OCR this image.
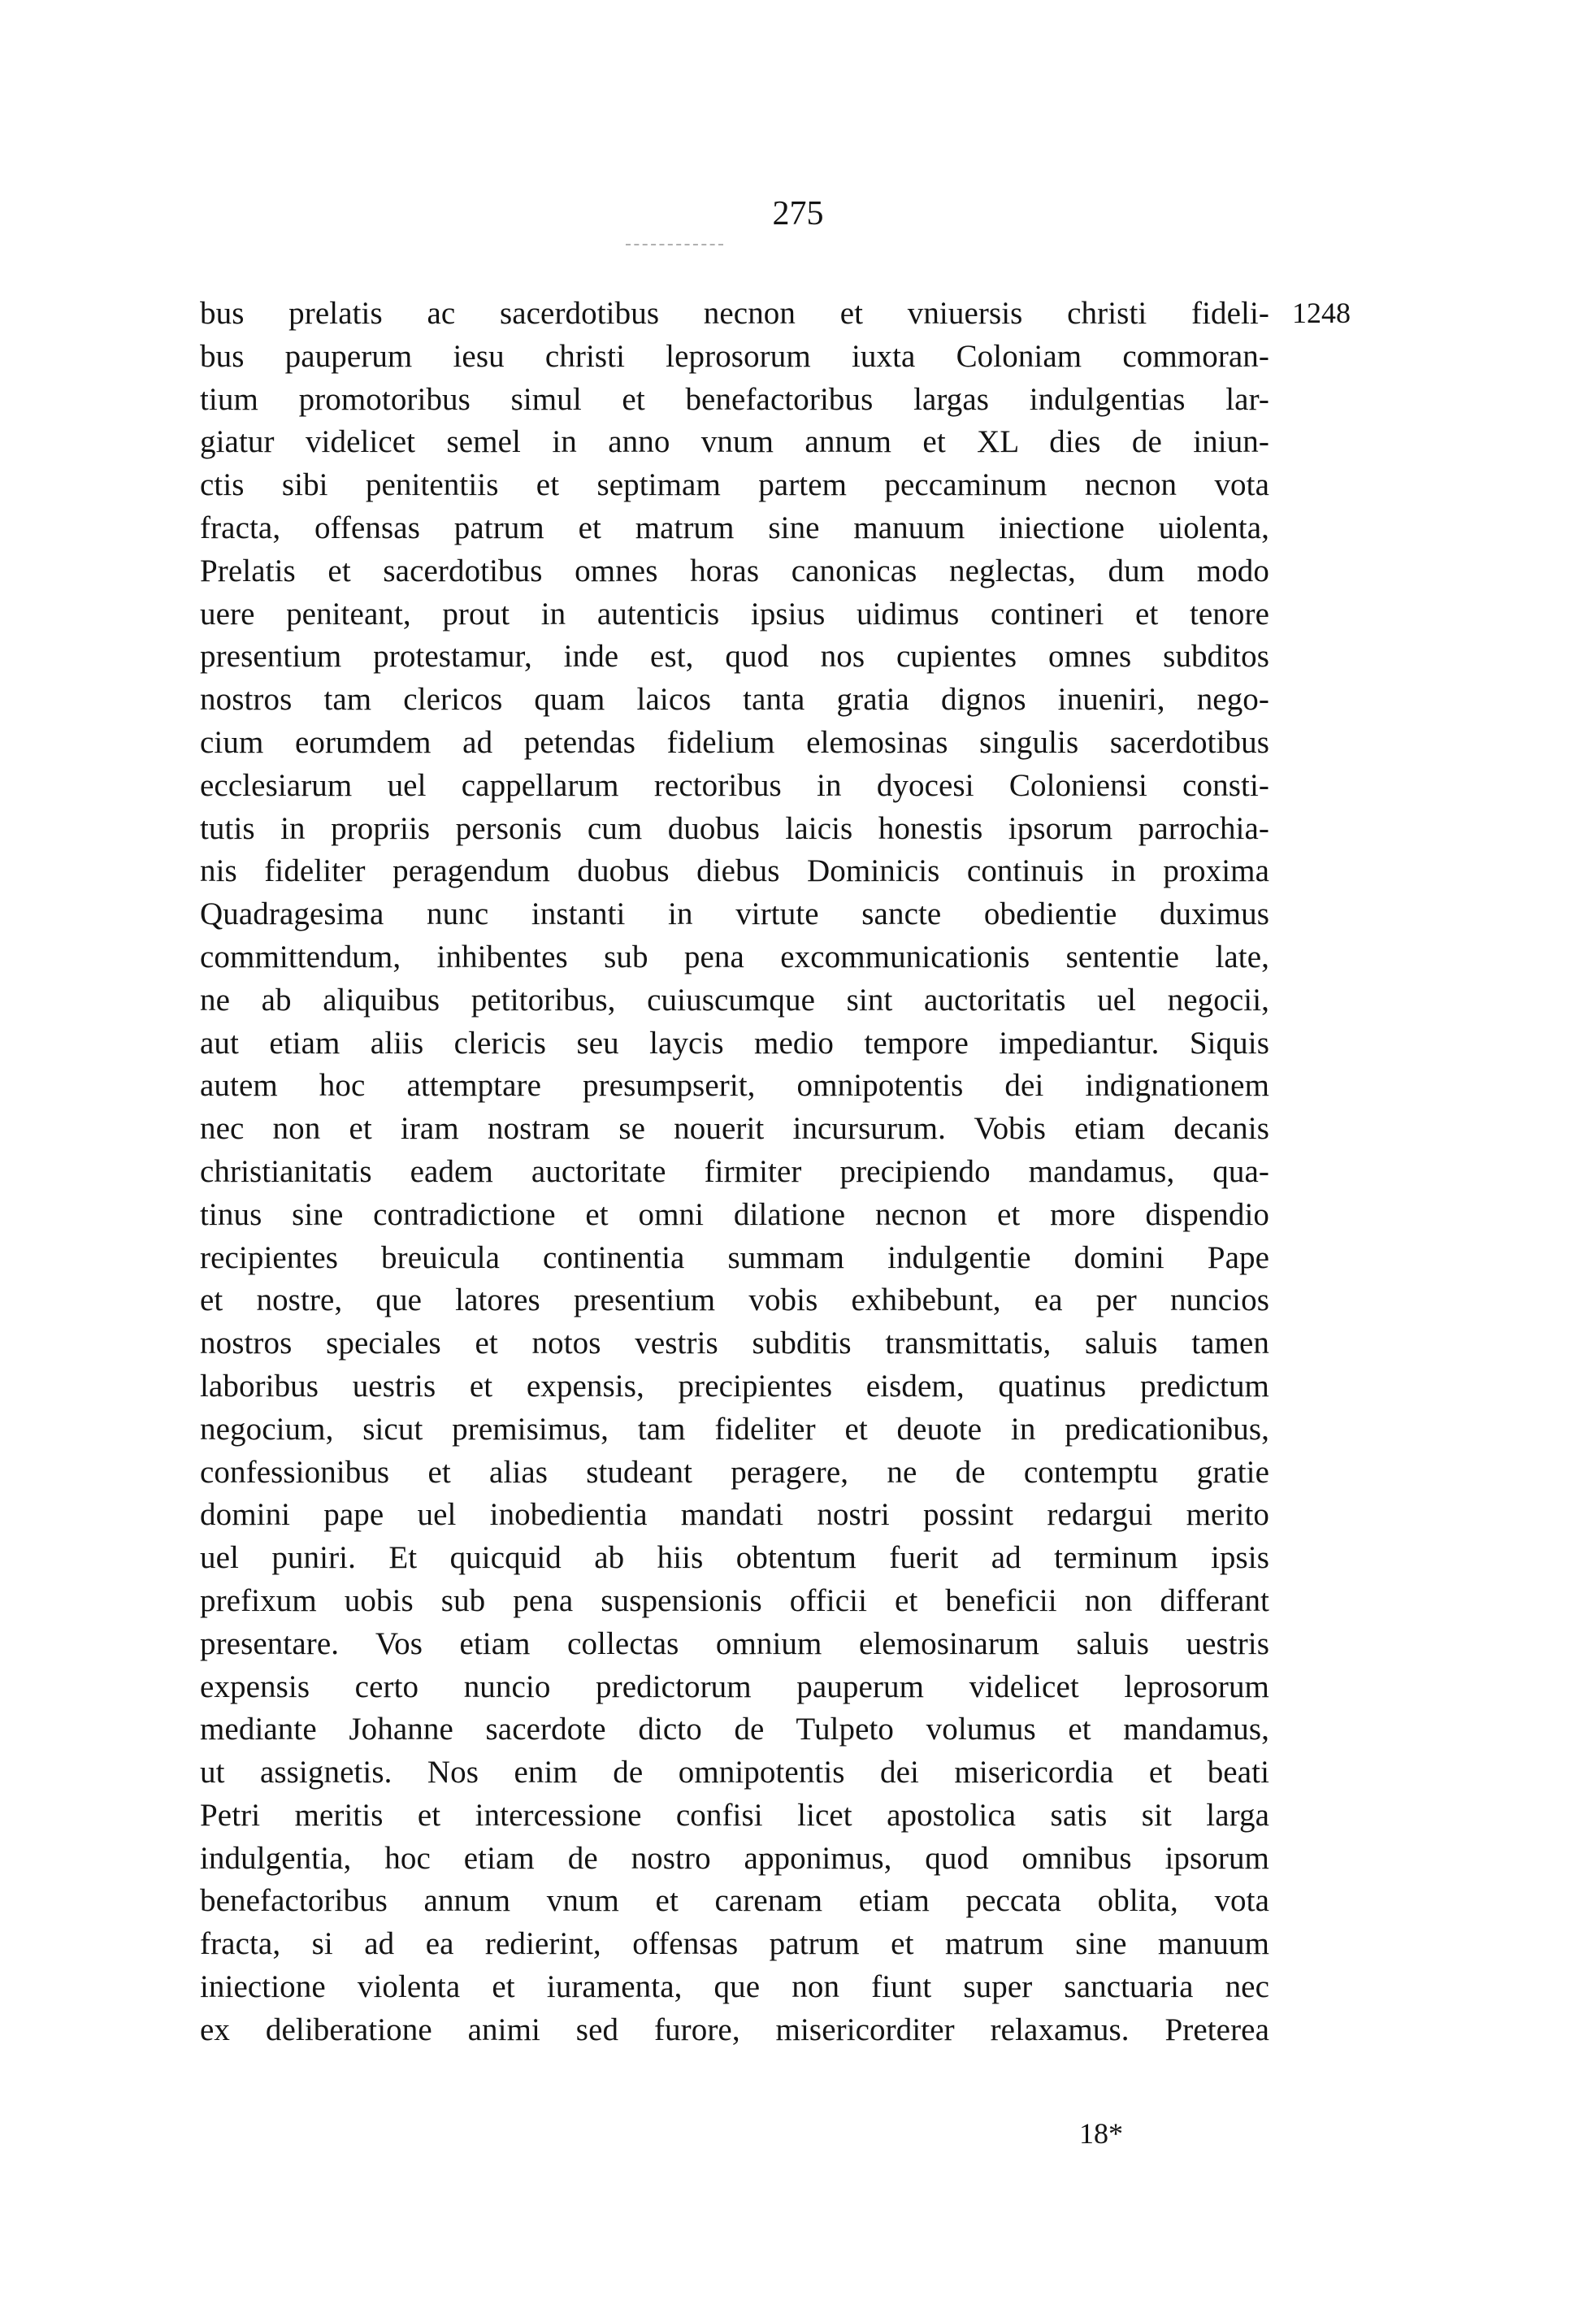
275
1248
bus prelatis ac sacerdotibus necnon et vniuersis christi fideli-
bus pauperum iesu christi leprosorum iuxta Coloniam commoran-
tium promotoribus simul et benefactoribus largas indulgentias lar-
giatur videlicet semel in anno vnum annum et XL dies de iniun-
ctis sibi penitentiis et septimam partem peccaminum necnon vota
fracta, offensas patrum et matrum sine manuum iniectione uiolenta,
Prelatis et sacerdotibus omnes horas canonicas neglectas, dum modo
uere peniteant, prout in autenticis ipsius uidimus contineri et tenore
presentium protestamur, inde est, quod nos cupientes omnes subditos
nostros tam clericos quam laicos tanta gratia dignos inueniri, nego-
cium eorumdem ad petendas fidelium elemosinas singulis sacerdotibus
ecclesiarum uel cappellarum rectoribus in dyocesi Coloniensi consti-
tutis in propriis personis cum duobus laicis honestis ipsorum parrochia-
nis fideliter peragendum duobus diebus Dominicis continuis in proxima
Quadragesima nunc instanti in virtute sancte obedientie duximus
committendum, inhibentes sub pena excommunicationis sententie late,
ne ab aliquibus petitoribus, cuiuscumque sint auctoritatis uel negocii,
aut etiam aliis clericis seu laycis medio tempore impediantur. Siquis
autem hoc attemptare presumpserit, omnipotentis dei indignationem
nec non et iram nostram se nouerit incursurum. Vobis etiam decanis
christianitatis eadem auctoritate firmiter precipiendo mandamus, qua-
tinus sine contradictione et omni dilatione necnon et more dispendio
recipientes breuicula continentia summam indulgentie domini Pape
et nostre, que latores presentium vobis exhibebunt, ea per nuncios
nostros speciales et notos vestris subditis transmittatis, saluis tamen
laboribus uestris et expensis, precipientes eisdem, quatinus predictum
negocium, sicut premisimus, tam fideliter et deuote in predicationibus,
confessionibus et alias studeant peragere, ne de contemptu gratie
domini pape uel inobedientia mandati nostri possint redargui merito
uel puniri. Et quicquid ab hiis obtentum fuerit ad terminum ipsis
prefixum uobis sub pena suspensionis officii et beneficii non differant
presentare. Vos etiam collectas omnium elemosinarum saluis uestris
expensis certo nuncio predictorum pauperum videlicet leprosorum
mediante Johanne sacerdote dicto de Tulpeto volumus et mandamus,
ut assignetis. Nos enim de omnipotentis dei misericordia et beati
Petri meritis et intercessione confisi licet apostolica satis sit larga
indulgentia, hoc etiam de nostro apponimus, quod omnibus ipsorum
benefactoribus annum vnum et carenam etiam peccata oblita, vota
fracta, si ad ea redierint, offensas patrum et matrum sine manuum
iniectione violenta et iuramenta, que non fiunt super sanctuaria nec
ex deliberatione animi sed furore, misericorditer relaxamus. Preterea
18*
